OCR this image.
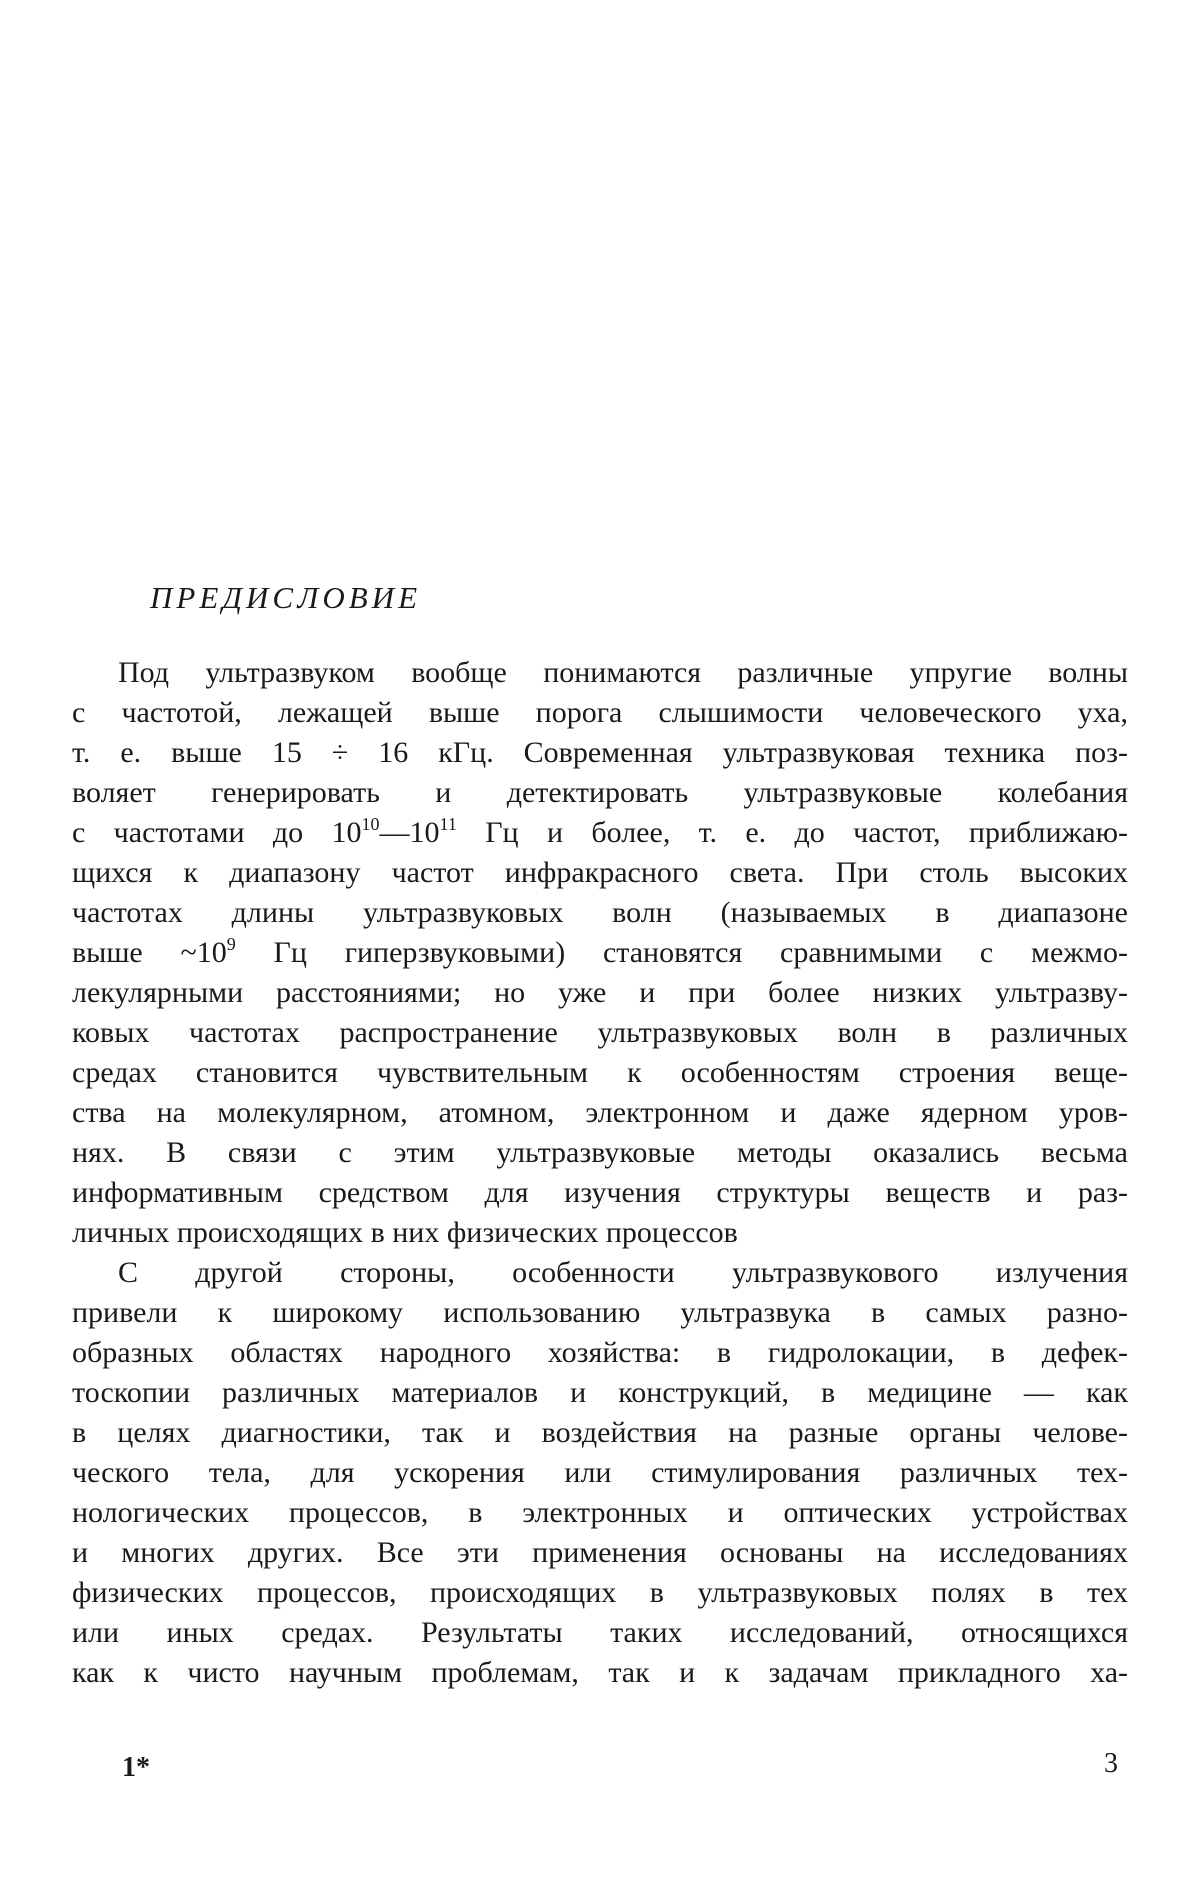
ПРЕДИСЛОВИЕ
Под ультразвуком вообще понимаются различные упругие волны
с частотой, лежащей выше порога слышимости человеческого уха,
т. е. выше 15 ÷ 16 кГц. Современная ультразвуковая техника поз-
воляет генерировать и детектировать ультразвуковые колебания
с частотами до $10^{10}—10^{11}$ Гц и более, т. е. до частот, приближаю-
щихся к диапазону частот инфракрасного света. При столь высоких
частотах длины ультразвуковых волн (называемых в диапазоне
выше $\sim 10^9$ Гц гиперзвуковыми) становятся сравнимыми с межмо-
лекулярными расстояниями; но уже и при более низких ультразву-
ковых частотах распространение ультразвуковых волн в различных
средах становится чувствительным к особенностям строения веще-
ства на молекулярном, атомном, электронном и даже ядерном уров-
нях. В связи с этим ультразвуковые методы оказались весьма
информативным средством для изучения структуры веществ и раз-
личных происходящих в них физических процессов
С другой стороны, особенности ультразвукового излучения
привели к широкому использованию ультразвука в самых разно-
образных областях народного хозяйства: в гидролокации, в дефек-
тоскопии различных материалов и конструкций, в медицине — как
в целях диагностики, так и воздействия на разные органы челове-
ческого тела, для ускорения или стимулирования различных тех-
нологических процессов, в электронных и оптических устройствах
и многих других. Все эти применения основаны на исследованиях
физических процессов, происходящих в ультразвуковых полях в тех
или иных средах. Результаты таких исследований, относящихся
как к чисто научным проблемам, так и к задачам прикладного ха-
1*	3
